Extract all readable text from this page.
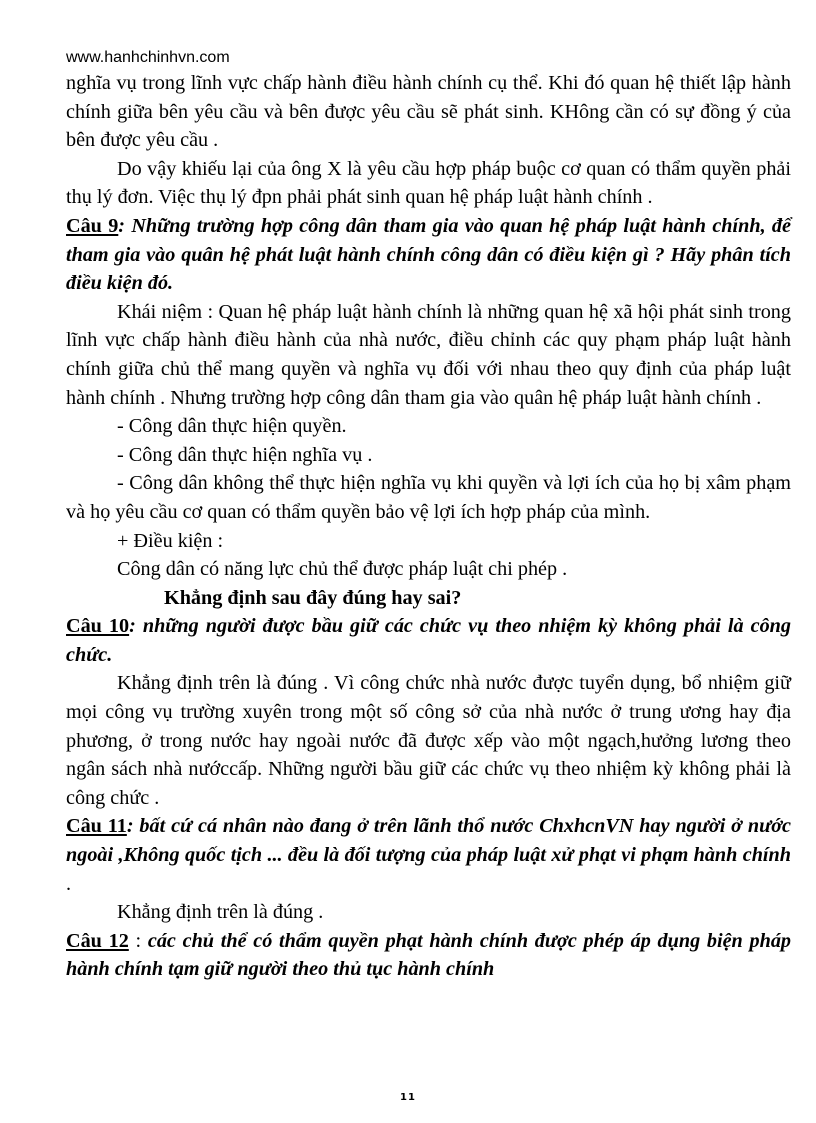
www.hanhchinhvn.com

nghĩa vụ trong lĩnh vực chấp hành điều hành chính cụ thể. Khi đó quan hệ thiết lập hành chính giữa bên yêu cầu và bên được yêu cầu sẽ phát sinh. KHông cần có sự đồng ý của bên được yêu cầu .

Do vậy khiếu lại của ông X là yêu cầu hợp pháp buộc cơ quan có thẩm quyền phải thụ lý đơn. Việc thụ lý đpn phải phát sinh quan hệ pháp luật hành chính .

Câu 9: Những trường hợp công dân tham gia vào quan hệ pháp luật hành chính, để tham gia vào quân hệ phát luật hành chính công dân có điều kiện gì ? Hãy phân tích điều kiện đó.

Khái niệm : Quan hệ pháp luật hành chính là những quan hệ xã hội phát sinh trong lĩnh vực chấp hành điều hành của nhà nước, điều chỉnh các quy phạm pháp luật hành chính giữa chủ thể mang quyền và nghĩa vụ đối với nhau theo quy định của pháp luật hành chính . Nhưng trường hợp công dân tham gia vào quân hệ pháp luật hành chính .

- Công dân thực hiện quyền.

- Công dân thực hiện nghĩa vụ .

- Công dân không thể thực hiện nghĩa vụ khi quyền và lợi ích của họ bị xâm phạm và họ yêu cầu cơ quan có thẩm quyền bảo vệ lợi ích hợp pháp của mình.

+ Điều kiện :

Công dân có năng lực chủ thể được pháp luật chi phép .

Khẳng định sau đây đúng hay sai?

Câu 10: những người được bầu giữ các chức vụ theo nhiệm kỳ không phải là công chức.

Khẳng định trên là đúng . Vì công chức nhà nước được tuyển dụng, bổ nhiệm giữ mọi công vụ trường xuyên trong một số công sở của nhà nước ở trung ương hay địa phương, ở trong nước hay ngoài nước đã được xếp vào một ngạch,hưởng lương theo ngân sách nhà nướccấp. Những người bầu giữ các chức vụ theo nhiệm kỳ không phải là công chức .

Câu 11: bất cứ cá nhân nào đang ở trên lãnh thổ nước ChxhcnVN hay người ở nước ngoài ,Không quốc tịch ... đều là đối tượng của pháp luật xử phạt vi phạm hành chính .

Khẳng định trên là đúng .

Câu 12 : các chủ thể có thẩm quyền phạt hành chính được phép áp dụng biện pháp hành chính tạm giữ người theo thủ tục hành chính

11
